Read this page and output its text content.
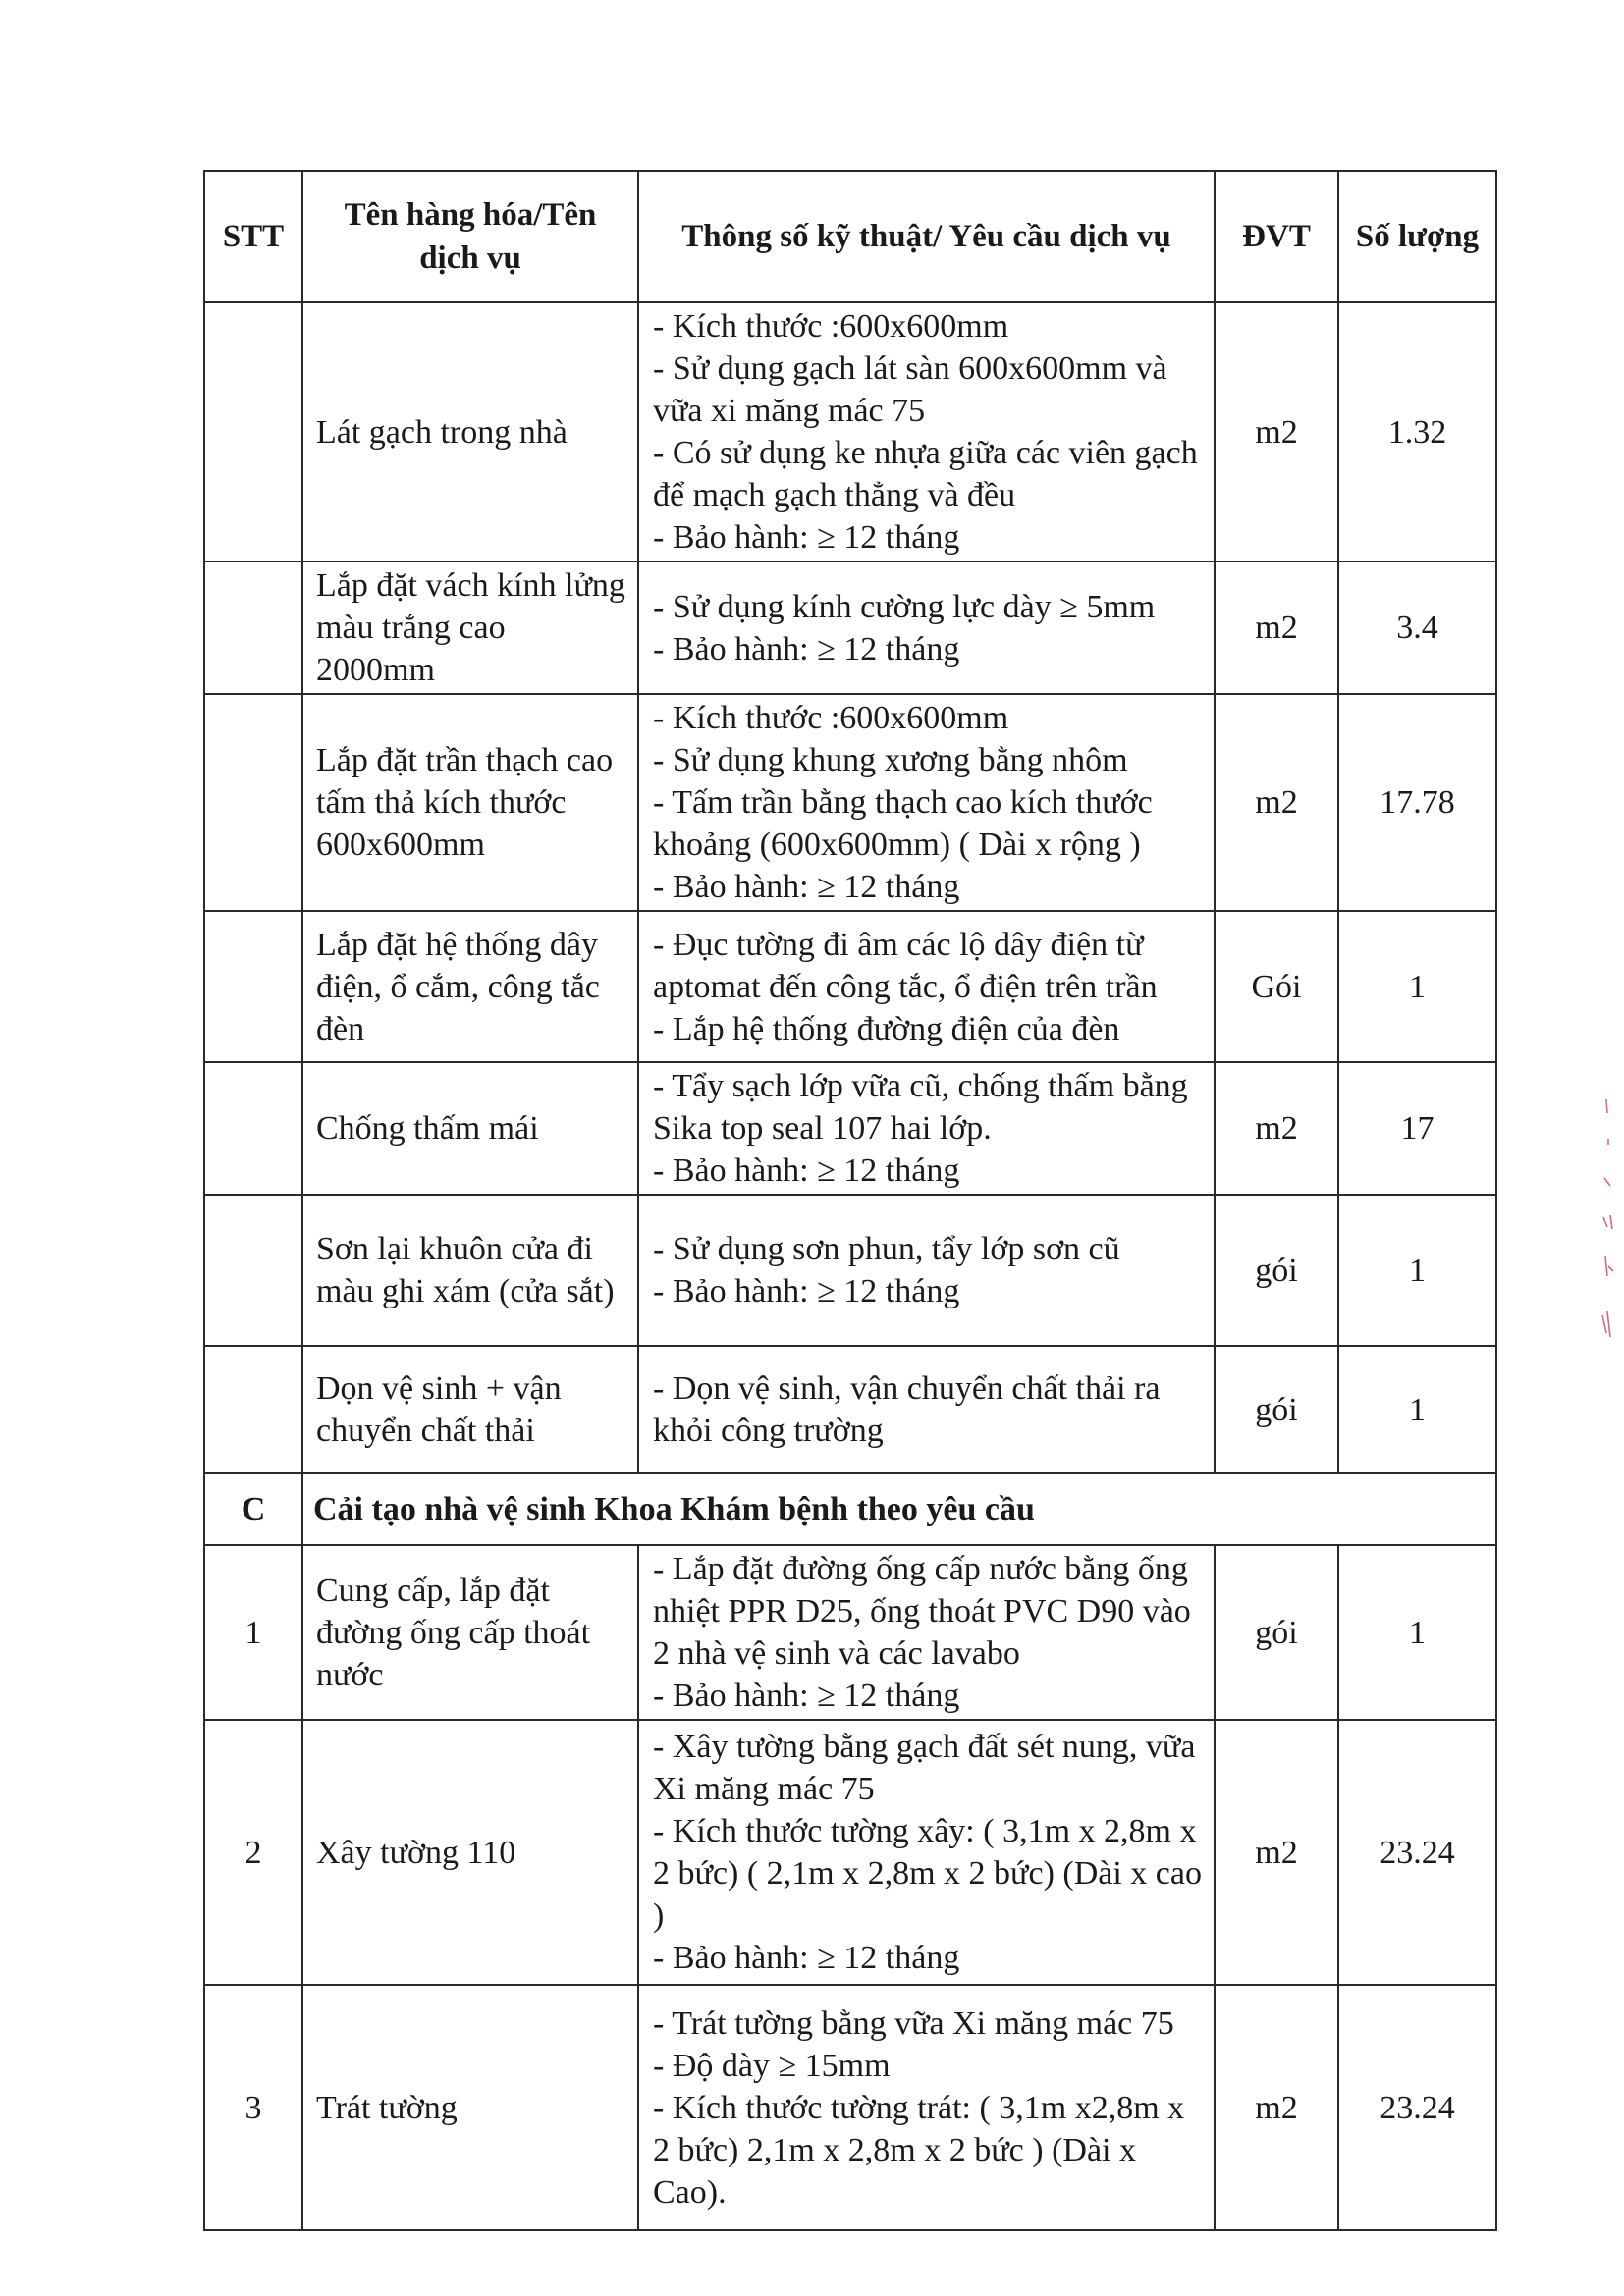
STT	Tên hàng hóa/Tên dịch vụ	Thông số kỹ thuật/ Yêu cầu dịch vụ	ĐVT	Số lượng
	Lát gạch trong nhà	- Kích thước :600x600mm
- Sử dụng gạch lát sàn 600x600mm và vữa xi măng mác 75
- Có sử dụng ke nhựa giữa các viên gạch để mạch gạch thẳng và đều
- Bảo hành: ≥ 12 tháng	m2	1.32
	Lắp đặt vách kính lửng màu trắng cao 2000mm	- Sử dụng kính cường lực dày ≥ 5mm
- Bảo hành: ≥ 12 tháng	m2	3.4
	Lắp đặt trần thạch cao tấm thả kích thước 600x600mm	- Kích thước :600x600mm
- Sử dụng khung xương bằng nhôm
- Tấm trần bằng thạch cao kích thước khoảng (600x600mm) ( Dài x rộng )
- Bảo hành: ≥ 12 tháng	m2	17.78
	Lắp đặt hệ thống dây điện, ổ cắm, công tắc đèn	- Đục tường đi âm các lộ dây điện từ aptomat đến công tắc, ổ điện trên trần
- Lắp hệ thống đường điện của đèn	Gói	1
	Chống thấm mái	- Tẩy sạch lớp vữa cũ, chống thấm bằng Sika top seal 107 hai lớp.
- Bảo hành: ≥ 12 tháng	m2	17
	Sơn lại khuôn cửa đi màu ghi xám (cửa sắt)	- Sử dụng sơn phun, tẩy lớp sơn cũ
- Bảo hành: ≥ 12 tháng	gói	1
	Dọn vệ sinh + vận chuyển chất thải	- Dọn vệ sinh, vận chuyển chất thải ra khỏi công trường	gói	1
C	Cải tạo nhà vệ sinh Khoa Khám bệnh theo yêu cầu			
1	Cung cấp, lắp đặt đường ống cấp thoát nước	- Lắp đặt đường ống cấp nước bằng ống nhiệt PPR D25, ống thoát PVC D90 vào 2 nhà vệ sinh và các lavabo
- Bảo hành: ≥ 12 tháng	gói	1
2	Xây tường 110	- Xây tường bằng gạch đất sét nung, vữa Xi măng mác 75
- Kích thước tường xây: ( 3,1m x 2,8m x 2 bức) ( 2,1m x 2,8m x 2 bức) (Dài x cao )
- Bảo hành: ≥ 12 tháng	m2	23.24
3	Trát tường	- Trát tường bằng vữa Xi măng mác 75
- Độ dày ≥ 15mm
- Kích thước tường trát: ( 3,1m x2,8m x 2 bức) 2,1m x 2,8m x 2 bức ) (Dài x Cao).	m2	23.24
